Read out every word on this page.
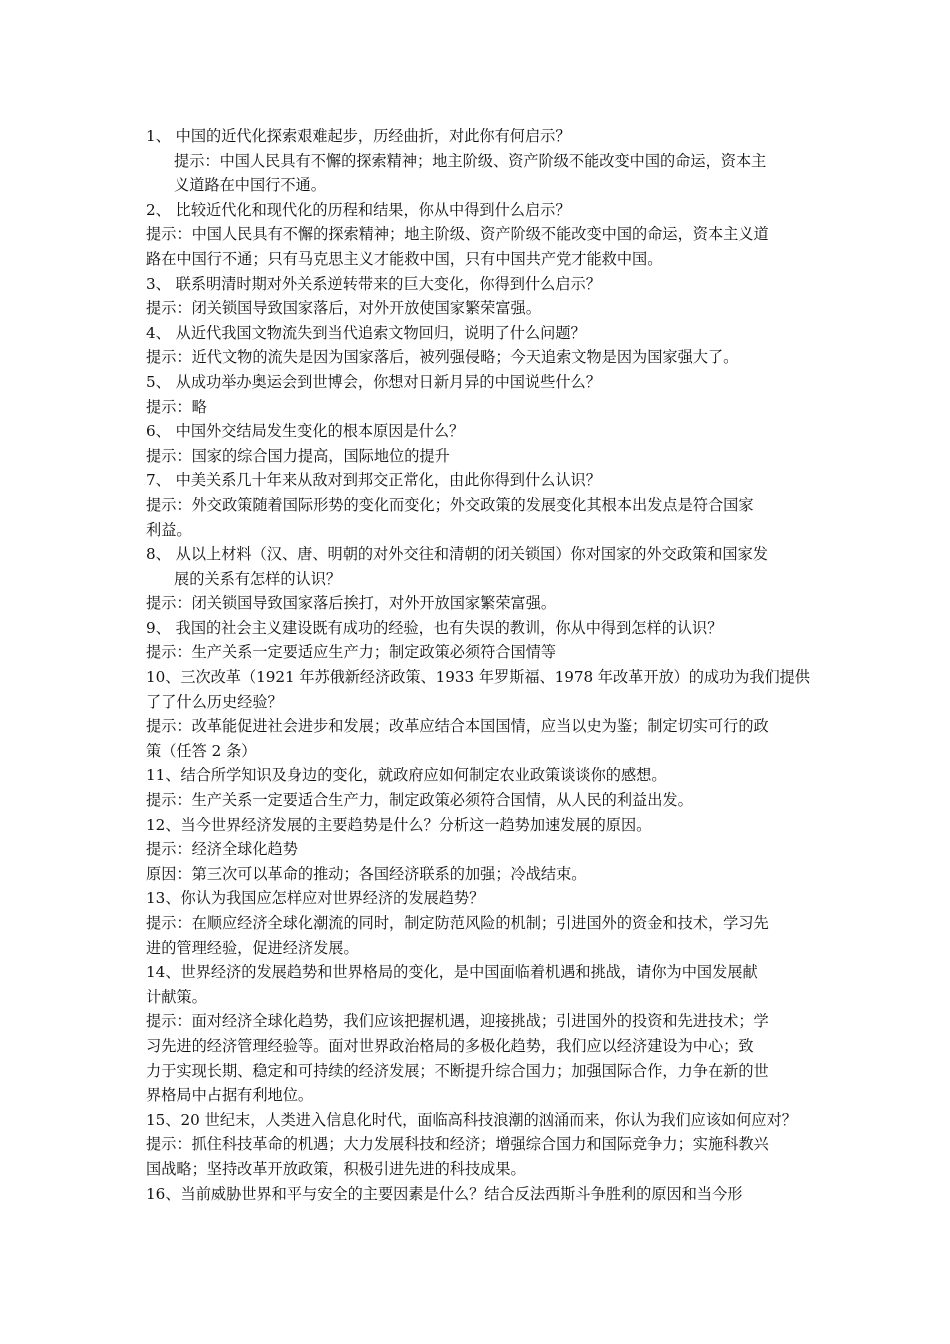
1、 中国的近代化探索艰难起步，历经曲折，对此你有何启示？
提示：中国人民具有不懈的探索精神；地主阶级、资产阶级不能改变中国的命运，资本主
义道路在中国行不通。
2、 比较近代化和现代化的历程和结果，你从中得到什么启示？
提示：中国人民具有不懈的探索精神；地主阶级、资产阶级不能改变中国的命运，资本主义道
路在中国行不通；只有马克思主义才能救中国，只有中国共产党才能救中国。
3、 联系明清时期对外关系逆转带来的巨大变化，你得到什么启示？
提示：闭关锁国导致国家落后，对外开放使国家繁荣富强。
4、 从近代我国文物流失到当代追索文物回归，说明了什么问题？
提示：近代文物的流失是因为国家落后，被列强侵略；今天追索文物是因为国家强大了。
5、 从成功举办奥运会到世博会，你想对日新月异的中国说些什么？
提示：略
6、 中国外交结局发生变化的根本原因是什么？
提示：国家的综合国力提高，国际地位的提升
7、 中美关系几十年来从敌对到邦交正常化，由此你得到什么认识？
提示：外交政策随着国际形势的变化而变化；外交政策的发展变化其根本出发点是符合国家
利益。
8、 从以上材料（汉、唐、明朝的对外交往和清朝的闭关锁国）你对国家的外交政策和国家发
展的关系有怎样的认识？
提示：闭关锁国导致国家落后挨打，对外开放国家繁荣富强。
9、 我国的社会主义建设既有成功的经验，也有失误的教训，你从中得到怎样的认识？
提示：生产关系一定要适应生产力；制定政策必须符合国情等
10、三次改革（1921 年苏俄新经济政策、1933 年罗斯福、1978 年改革开放）的成功为我们提供
了了什么历史经验？
提示：改革能促进社会进步和发展；改革应结合本国国情，应当以史为鉴；制定切实可行的政
策（任答 2 条）
11、结合所学知识及身边的变化，就政府应如何制定农业政策谈谈你的感想。
提示：生产关系一定要适合生产力，制定政策必须符合国情，从人民的利益出发。
12、当今世界经济发展的主要趋势是什么？分析这一趋势加速发展的原因。
提示：经济全球化趋势
原因：第三次可以革命的推动；各国经济联系的加强；冷战结束。
13、你认为我国应怎样应对世界经济的发展趋势？
提示：在顺应经济全球化潮流的同时，制定防范风险的机制；引进国外的资金和技术，学习先
进的管理经验，促进经济发展。
14、世界经济的发展趋势和世界格局的变化，是中国面临着机遇和挑战，请你为中国发展献
计献策。
提示：面对经济全球化趋势，我们应该把握机遇，迎接挑战；引进国外的投资和先进技术；学
习先进的经济管理经验等。面对世界政治格局的多极化趋势，我们应以经济建设为中心；致
力于实现长期、稳定和可持续的经济发展；不断提升综合国力；加强国际合作，力争在新的世
界格局中占据有利地位。
15、20 世纪末，人类进入信息化时代，面临高科技浪潮的汹涌而来，你认为我们应该如何应对？
提示：抓住科技革命的机遇；大力发展科技和经济；增强综合国力和国际竞争力；实施科教兴
国战略；坚持改革开放政策，积极引进先进的科技成果。
16、当前威胁世界和平与安全的主要因素是什么？结合反法西斯斗争胜利的原因和当今形
